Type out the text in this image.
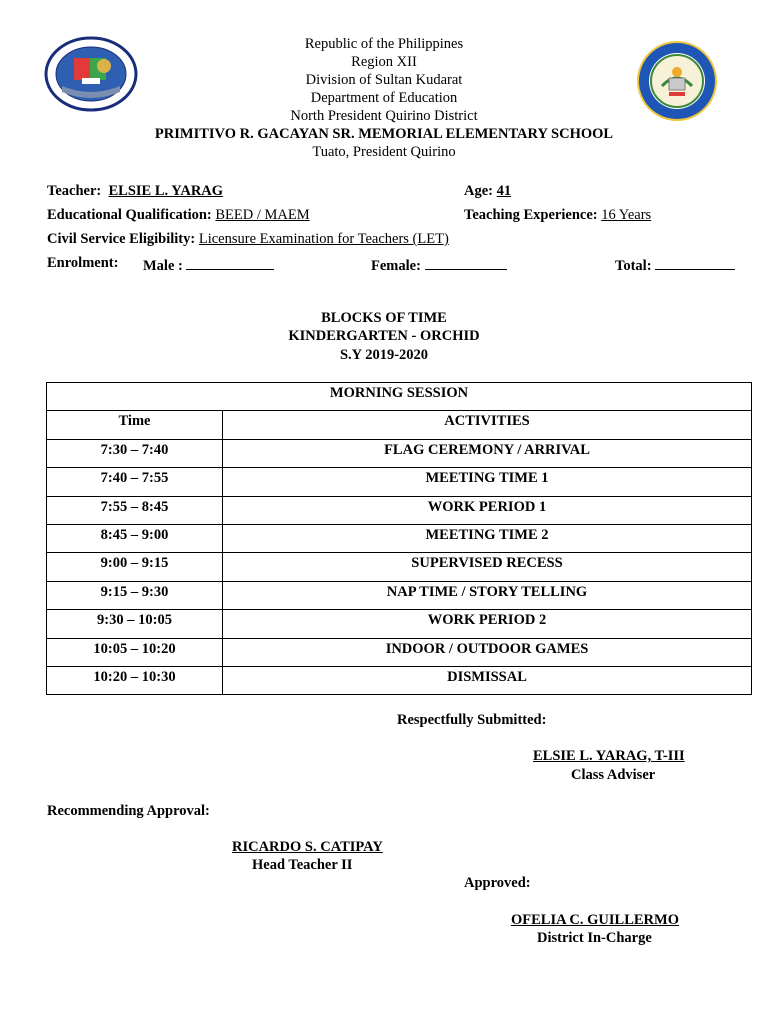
Republic of the Philippines
Region XII
Division of Sultan Kudarat
Department of Education
North President Quirino District
PRIMITIVO R. GACAYAN SR. MEMORIAL ELEMENTARY SCHOOL
Tuato, President Quirino
Teacher: ELSIE L. YARAG	Age: 41
Educational Qualification: BEED / MAEM	Teaching Experience: 16 Years
Civil Service Eligibility: Licensure Examination for Teachers (LET)
Enrolment: Male :	Female:	Total:
BLOCKS OF TIME
KINDERGARTEN - ORCHID
S.Y 2019-2020
MORNING SESSION	
Time	ACTIVITIES
7:30 – 7:40	FLAG CEREMONY / ARRIVAL
7:40 – 7:55	MEETING TIME 1
7:55 – 8:45	WORK PERIOD 1
8:45 – 9:00	MEETING TIME 2
9:00 – 9:15	SUPERVISED RECESS
9:15 – 9:30	NAP TIME / STORY TELLING
9:30 – 10:05	WORK PERIOD 2
10:05 – 10:20	INDOOR / OUTDOOR GAMES
10:20 – 10:30	DISMISSAL
Respectfully Submitted:
ELSIE L. YARAG, T-III
Class Adviser
Recommending Approval:
RICARDO S. CATIPAY
Head Teacher II
Approved:
OFELIA C. GUILLERMO
District In-Charge
